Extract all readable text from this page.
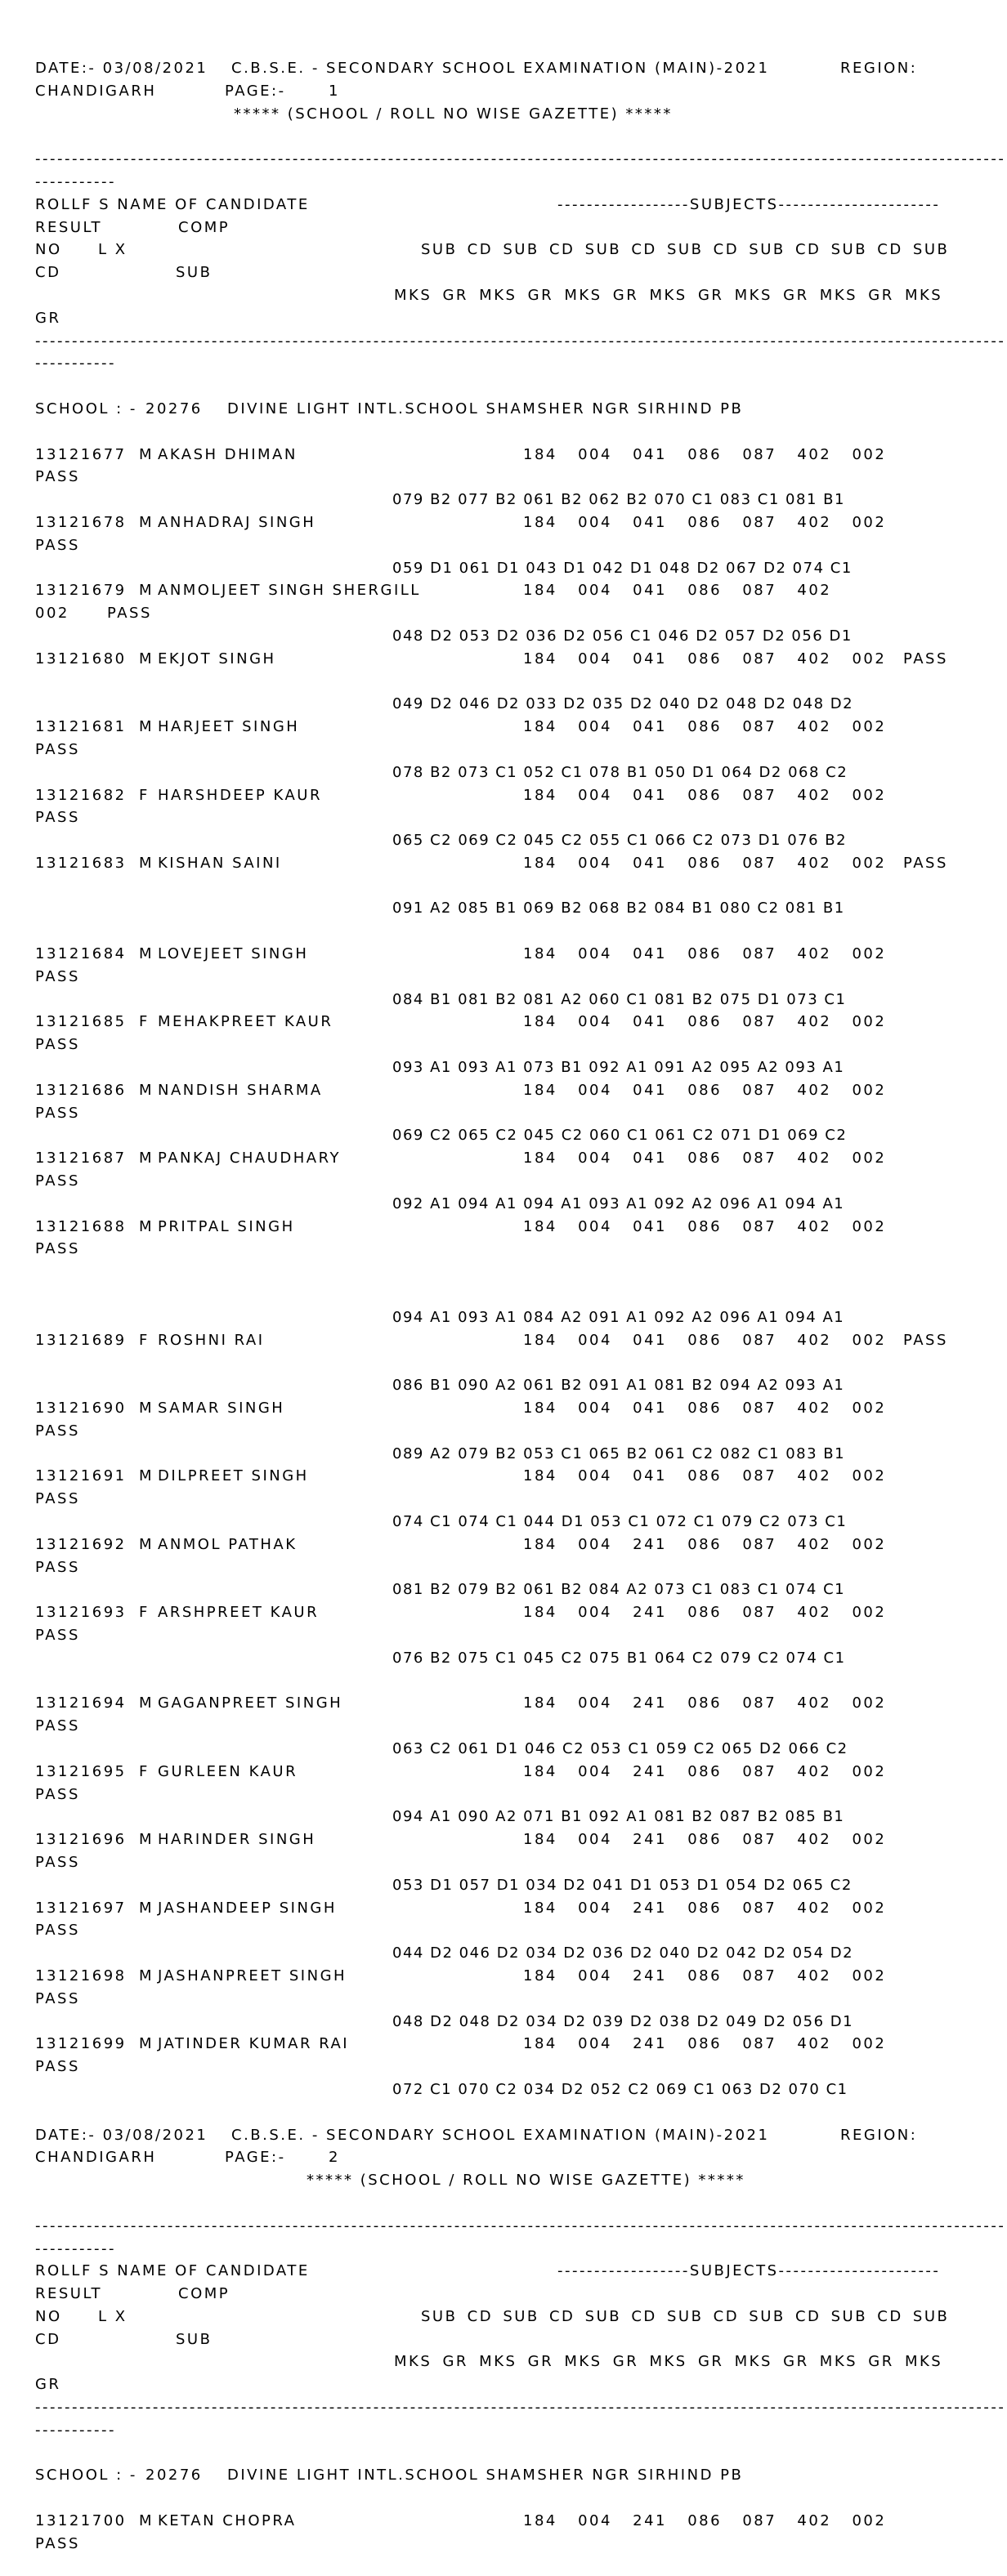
DATE:- 03/08/2021 C.B.S.E. - SECONDARY SCHOOL EXAMINATION (MAIN)-2021	REGION:
CHANDIGARH	PAGE:-	1
***** (SCHOOL / ROLL NO WISE GAZETTE) *****
------------------------------------------------------------------------------------------------------------------------------------
-----------
ROLL F S NAME OF CANDIDATE	------------------SUBJECTS----------------------
RESULT	COMP
NO L X	SUB CD SUB CD SUB CD SUB CD SUB CD SUB CD SUB
CD	SUB
MKS GR MKS GR MKS GR MKS GR MKS GR MKS GR MKS
GR
------------------------------------------------------------------------------------------------------------------------------------
-----------
SCHOOL : - 20276 DIVINE LIGHT INTL.SCHOOL SHAMSHER NGR SIRHIND PB
13121677 M AKASH DHIMAN	184 004 041 086 087 402 002
PASS
079 B2 077 B2 061 B2 062 B2 070 C1 083 C1 081 B1
13121678 M ANHADRAJ SINGH	184 004 041 086 087 402 002
PASS
059 D1 061 D1 043 D1 042 D1 048 D2 067 D2 074 C1
13121679 M ANMOLJEET SINGH SHERGILL	184 004 041 086 087 402
002	PASS
048 D2 053 D2 036 D2 056 C1 046 D2 057 D2 056 D1
13121680 M EKJOT SINGH	184 004 041 086 087 402 002 PASS
049 D2 046 D2 033 D2 035 D2 040 D2 048 D2 048 D2
13121681 M HARJEET SINGH	184 004 041 086 087 402 002
PASS
078 B2 073 C1 052 C1 078 B1 050 D1 064 D2 068 C2
13121682 F HARSHDEEP KAUR	184 004 041 086 087 402 002
PASS
065 C2 069 C2 045 C2 055 C1 066 C2 073 D1 076 B2
13121683 M KISHAN SAINI	184 004 041 086 087 402 002 PASS
091 A2 085 B1 069 B2 068 B2 084 B1 080 C2 081 B1
13121684 M LOVEJEET SINGH	184 004 041 086 087 402 002
PASS
084 B1 081 B2 081 A2 060 C1 081 B2 075 D1 073 C1
13121685 F MEHAKPREET KAUR	184 004 041 086 087 402 002
PASS
093 A1 093 A1 073 B1 092 A1 091 A2 095 A2 093 A1
13121686 M NANDISH SHARMA	184 004 041 086 087 402 002
PASS
069 C2 065 C2 045 C2 060 C1 061 C2 071 D1 069 C2
13121687 M PANKAJ CHAUDHARY	184 004 041 086 087 402 002
PASS
092 A1 094 A1 094 A1 093 A1 092 A2 096 A1 094 A1
13121688 M PRITPAL SINGH	184 004 041 086 087 402 002
PASS
094 A1 093 A1 084 A2 091 A1 092 A2 096 A1 094 A1
13121689 F ROSHNI RAI	184 004 041 086 087 402 002 PASS
086 B1 090 A2 061 B2 091 A1 081 B2 094 A2 093 A1
13121690 M SAMAR SINGH	184 004 041 086 087 402 002
PASS
089 A2 079 B2 053 C1 065 B2 061 C2 082 C1 083 B1
13121691 M DILPREET SINGH	184 004 041 086 087 402 002
PASS
074 C1 074 C1 044 D1 053 C1 072 C1 079 C2 073 C1
13121692 M ANMOL PATHAK	184 004 241 086 087 402 002
PASS
081 B2 079 B2 061 B2 084 A2 073 C1 083 C1 074 C1
13121693 F ARSHPREET KAUR	184 004 241 086 087 402 002
PASS
076 B2 075 C1 045 C2 075 B1 064 C2 079 C2 074 C1
13121694 M GAGANPREET SINGH	184 004 241 086 087 402 002
PASS
063 C2 061 D1 046 C2 053 C1 059 C2 065 D2 066 C2
13121695 F GURLEEN KAUR	184 004 241 086 087 402 002
PASS
094 A1 090 A2 071 B1 092 A1 081 B2 087 B2 085 B1
13121696 M HARINDER SINGH	184 004 241 086 087 402 002
PASS
053 D1 057 D1 034 D2 041 D1 053 D1 054 D2 065 C2
13121697 M JASHANDEEP SINGH	184 004 241 086 087 402 002
PASS
044 D2 046 D2 034 D2 036 D2 040 D2 042 D2 054 D2
13121698 M JASHANPREET SINGH	184 004 241 086 087 402 002
PASS
048 D2 048 D2 034 D2 039 D2 038 D2 049 D2 056 D1
13121699 M JATINDER KUMAR RAI	184 004 241 086 087 402 002
PASS
072 C1 070 C2 034 D2 052 C2 069 C1 063 D2 070 C1
DATE:- 03/08/2021 C.B.S.E. - SECONDARY SCHOOL EXAMINATION (MAIN)-2021	REGION:
CHANDIGARH	PAGE:-	2
***** (SCHOOL / ROLL NO WISE GAZETTE) *****
------------------------------------------------------------------------------------------------------------------------------------
-----------
ROLL F S NAME OF CANDIDATE	------------------SUBJECTS----------------------
RESULT	COMP
NO L X	SUB CD SUB CD SUB CD SUB CD SUB CD SUB CD SUB
CD	SUB
MKS GR MKS GR MKS GR MKS GR MKS GR MKS GR MKS
GR
------------------------------------------------------------------------------------------------------------------------------------
-----------
SCHOOL : - 20276 DIVINE LIGHT INTL.SCHOOL SHAMSHER NGR SIRHIND PB
13121700 M KETAN CHOPRA	184 004 241 086 087 402 002
PASS
